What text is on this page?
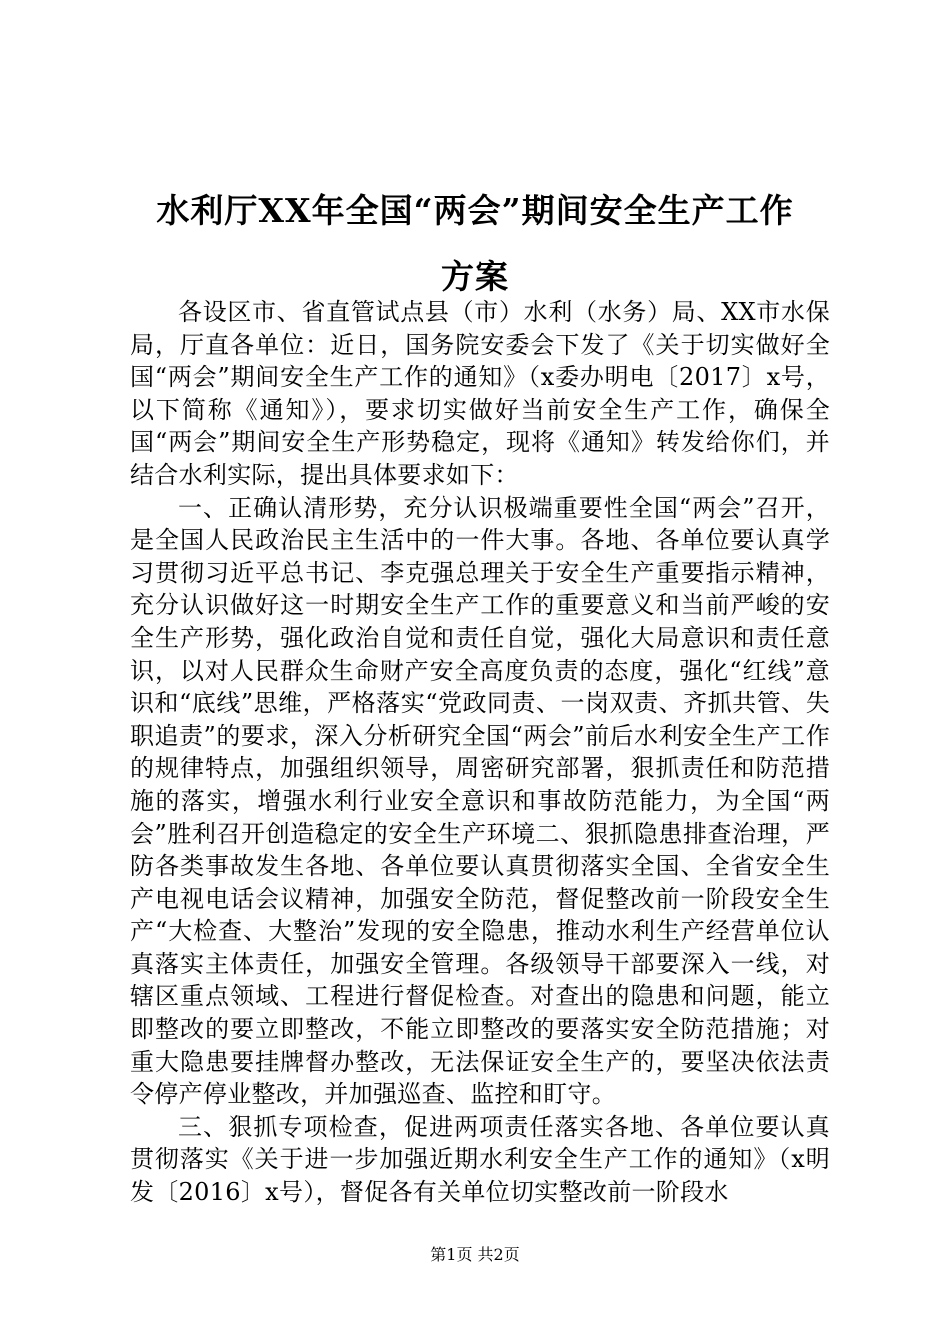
水利厅XX年全国“两会”期间安全生产工作
方案

各设区市、省直管试点县（市）水利（水务）局、XX市水保局，厅直各单位：近日，国务院安委会下发了《关于切实做好全国“两会”期间安全生产工作的通知》（x委办明电〔2017〕x号，以下简称《通知》），要求切实做好当前安全生产工作，确保全国“两会”期间安全生产形势稳定，现将《通知》转发给你们，并结合水利实际，提出具体要求如下：

一、正确认清形势，充分认识极端重要性全国“两会”召开，是全国人民政治民主生活中的一件大事。各地、各单位要认真学习贯彻习近平总书记、李克强总理关于安全生产重要指示精神，充分认识做好这一时期安全生产工作的重要意义和当前严峻的安全生产形势，强化政治自觉和责任自觉，强化大局意识和责任意识，以对人民群众生命财产安全高度负责的态度，强化“红线”意识和“底线”思维，严格落实“党政同责、一岗双责、齐抓共管、失职追责”的要求，深入分析研究全国“两会”前后水利安全生产工作的规律特点，加强组织领导，周密研究部署，狠抓责任和防范措施的落实，增强水利行业安全意识和事故防范能力，为全国“两会”胜利召开创造稳定的安全生产环境二、狠抓隐患排查治理，严防各类事故发生各地、各单位要认真贯彻落实全国、全省安全生产电视电话会议精神，加强安全防范，督促整改前一阶段安全生产“大检查、大整治”发现的安全隐患，推动水利生产经营单位认真落实主体责任，加强安全管理。各级领导干部要深入一线，对辖区重点领域、工程进行督促检查。对查出的隐患和问题，能立即整改的要立即整改，不能立即整改的要落实安全防范措施；对重大隐患要挂牌督办整改，无法保证安全生产的，要坚决依法责令停产停业整改，并加强巡查、监控和盯守。

三、狠抓专项检查，促进两项责任落实各地、各单位要认真贯彻落实《关于进一步加强近期水利安全生产工作的通知》（x明发〔2016〕x号），督促各有关单位切实整改前一阶段水

第1页 共2页
